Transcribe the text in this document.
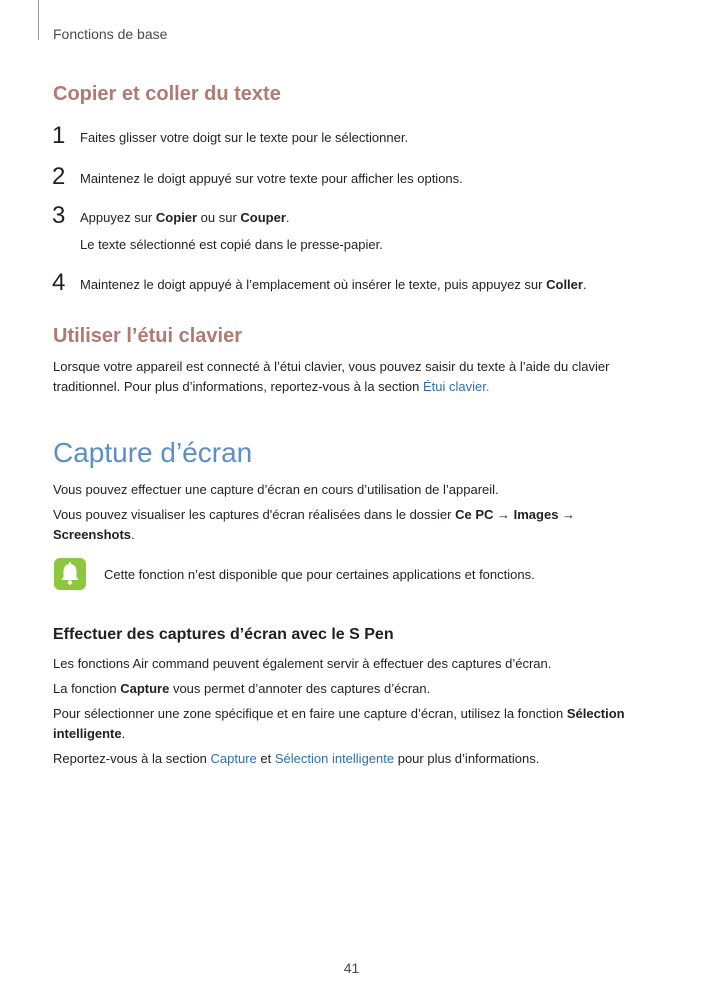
Fonctions de base
Copier et coller du texte
1 Faites glisser votre doigt sur le texte pour le sélectionner.
2 Maintenez le doigt appuyé sur votre texte pour afficher les options.
3 Appuyez sur Copier ou sur Couper.
Le texte sélectionné est copié dans le presse-papier.
4 Maintenez le doigt appuyé à l’emplacement où insérer le texte, puis appuyez sur Coller.
Utiliser l’étui clavier
Lorsque votre appareil est connecté à l’étui clavier, vous pouvez saisir du texte à l’aide du clavier
traditionnel. Pour plus d’informations, reportez-vous à la section Étui clavier.
Capture d’écran
Vous pouvez effectuer une capture d’écran en cours d’utilisation de l’appareil.
Vous pouvez visualiser les captures d'écran réalisées dans le dossier Ce PC → Images →
Screenshots.
Cette fonction n’est disponible que pour certaines applications et fonctions.
Effectuer des captures d’écran avec le S Pen
Les fonctions Air command peuvent également servir à effectuer des captures d’écran.
La fonction Capture vous permet d’annoter des captures d’écran.
Pour sélectionner une zone spécifique et en faire une capture d’écran, utilisez la fonction Sélection
intelligente.
Reportez-vous à la section Capture et Sélection intelligente pour plus d’informations.
41
